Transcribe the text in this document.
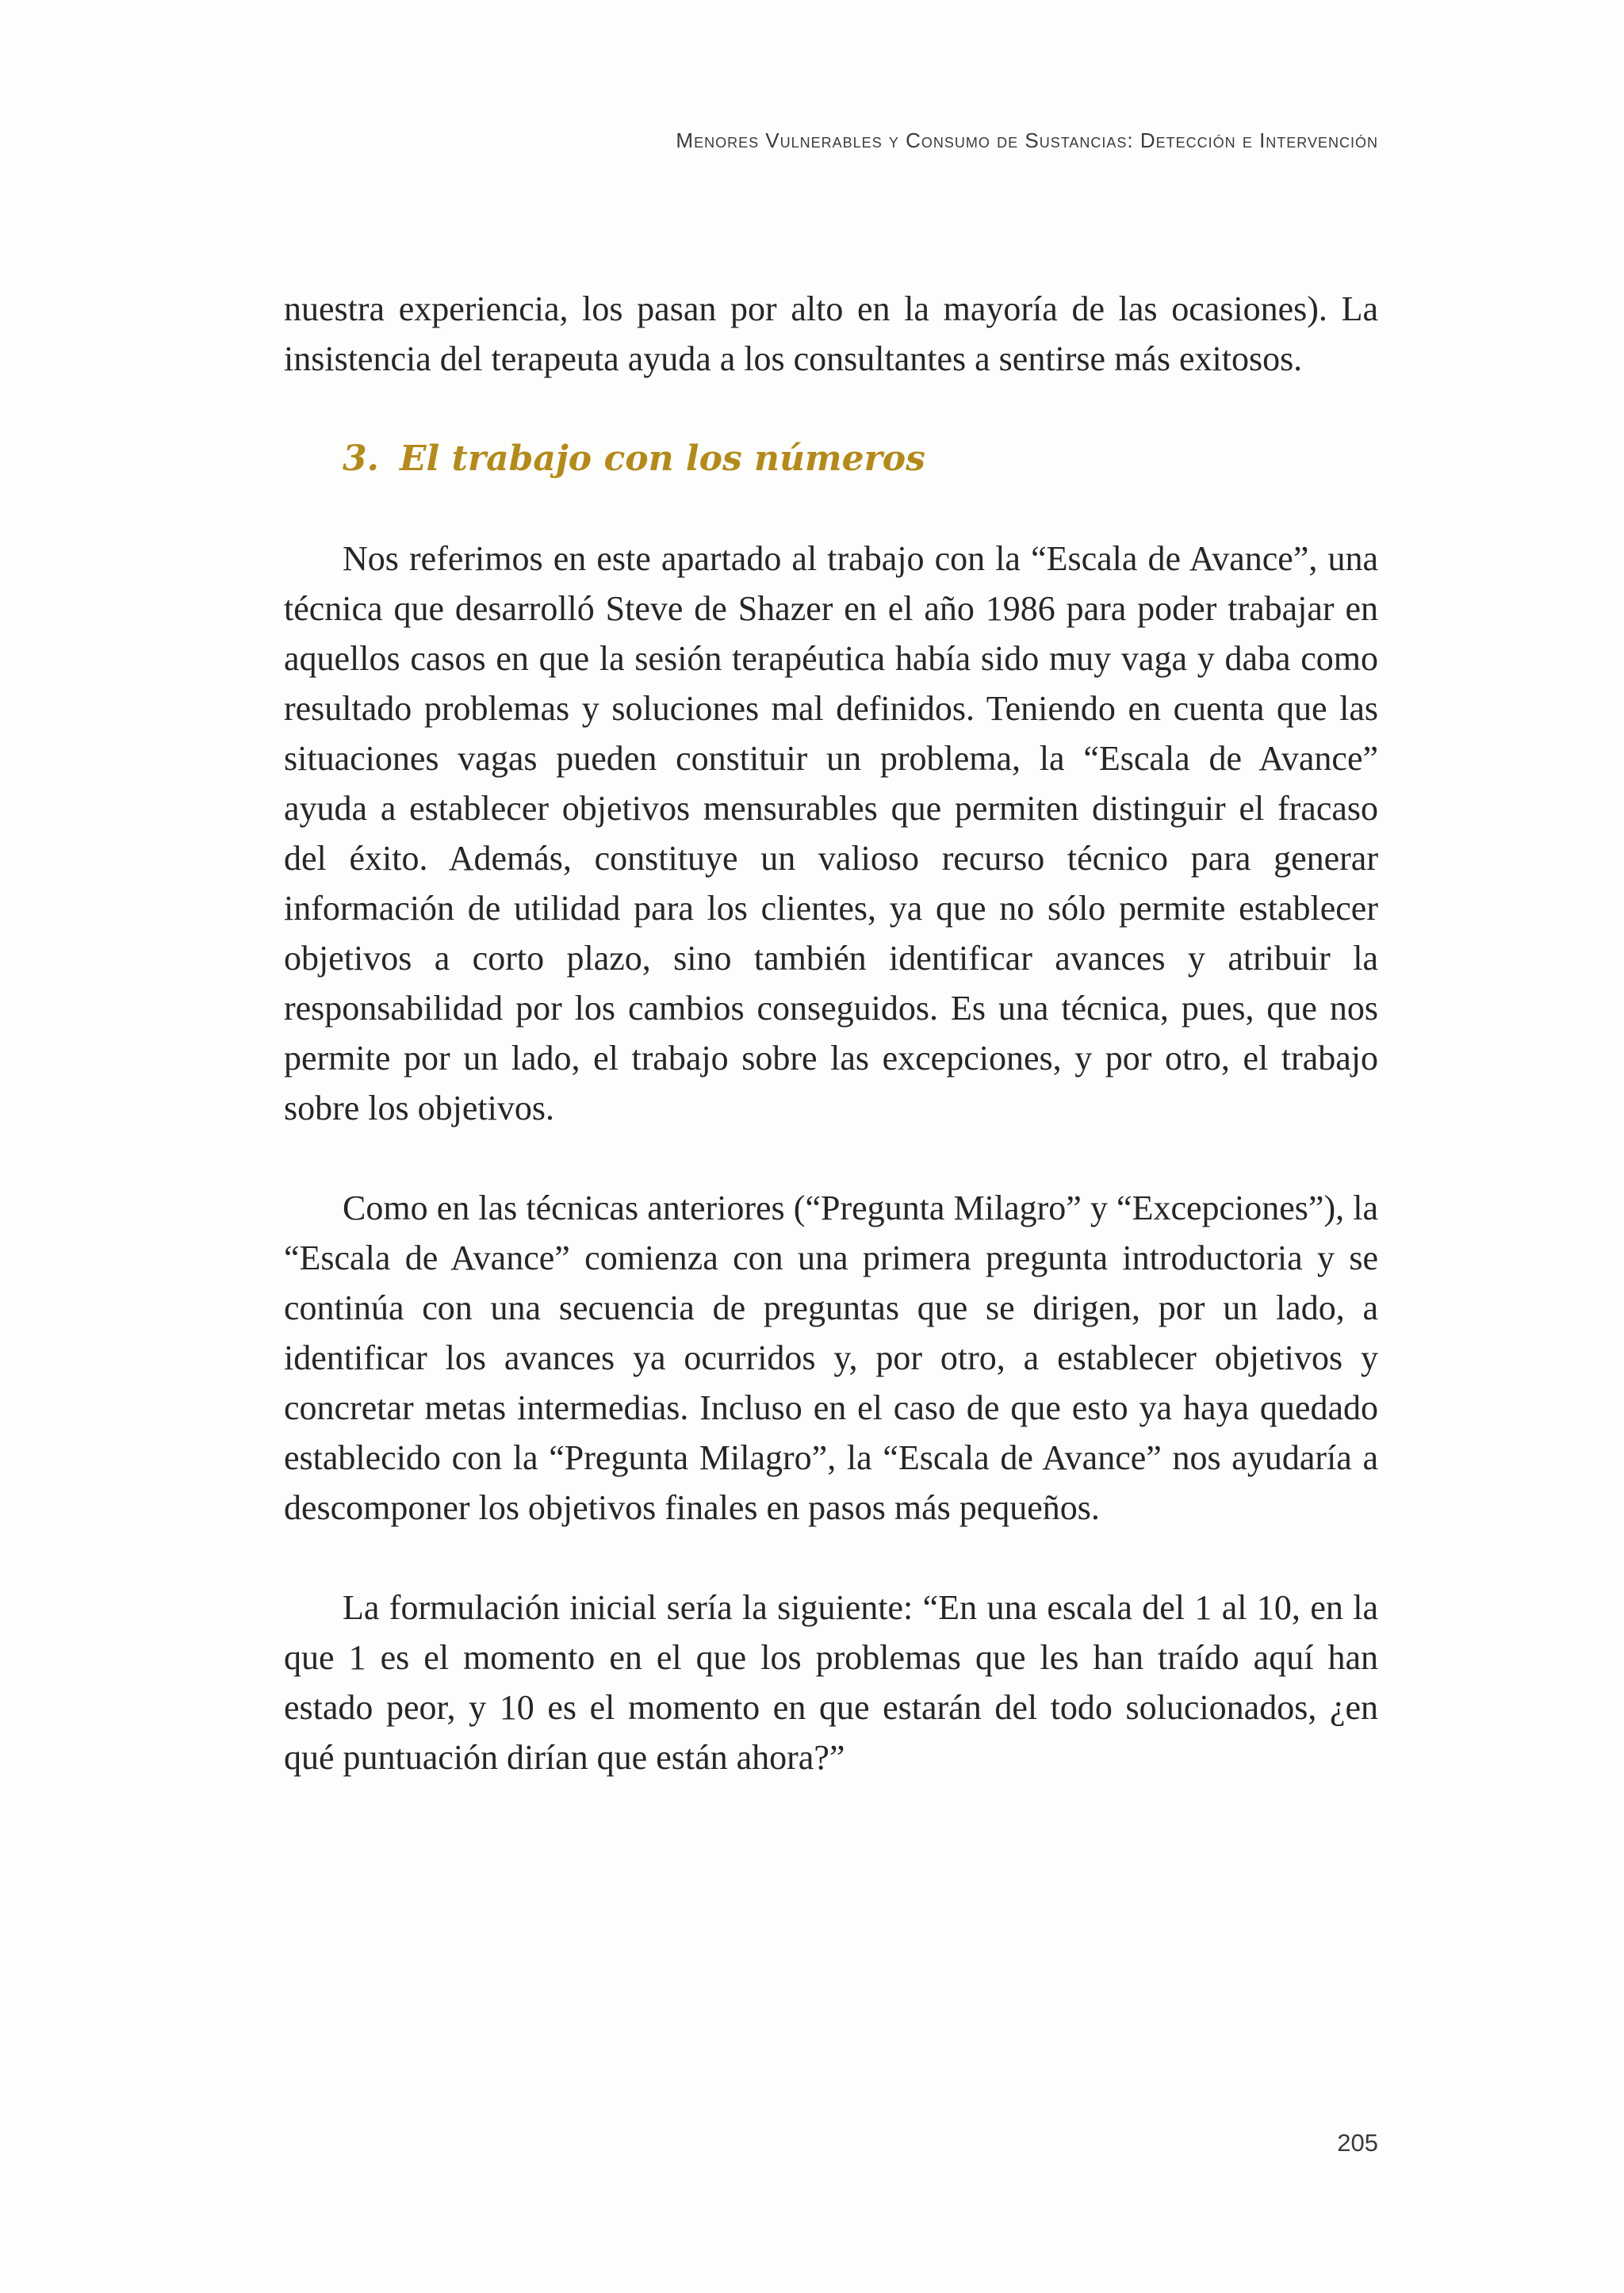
Menores Vulnerables y Consumo de Sustancias: Detección e Intervención

nuestra experiencia, los pasan por alto en la mayoría de las ocasiones). La insistencia del terapeuta ayuda a los consultantes a sentirse más exitosos.

3. El trabajo con los números

Nos referimos en este apartado al trabajo con la “Escala de Avance”, una técnica que desarrolló Steve de Shazer en el año 1986 para poder trabajar en aquellos casos en que la sesión terapéutica había sido muy vaga y daba como resultado problemas y soluciones mal definidos. Teniendo en cuenta que las situaciones vagas pueden constituir un problema, la “Escala de Avance” ayuda a establecer objetivos mensurables que permiten distinguir el fracaso del éxito. Además, constituye un valioso recurso técnico para generar información de utilidad para los clientes, ya que no sólo permite establecer objetivos a corto plazo, sino también identificar avances y atribuir la responsabilidad por los cambios conseguidos. Es una técnica, pues, que nos permite por un lado, el trabajo sobre las excepciones, y por otro, el trabajo sobre los objetivos.

Como en las técnicas anteriores (“Pregunta Milagro” y “Excepciones”), la “Escala de Avance” comienza con una primera pregunta introductoria y se continúa con una secuencia de preguntas que se dirigen, por un lado, a identificar los avances ya ocurridos y, por otro, a establecer objetivos y concretar metas intermedias. Incluso en el caso de que esto ya haya quedado establecido con la “Pregunta Milagro”, la “Escala de Avance” nos ayudaría a descomponer los objetivos finales en pasos más pequeños.

La formulación inicial sería la siguiente: “En una escala del 1 al 10, en la que 1 es el momento en el que los problemas que les han traído aquí han estado peor, y 10 es el momento en que estarán del todo solucionados, ¿en qué puntuación dirían que están ahora?”

205
